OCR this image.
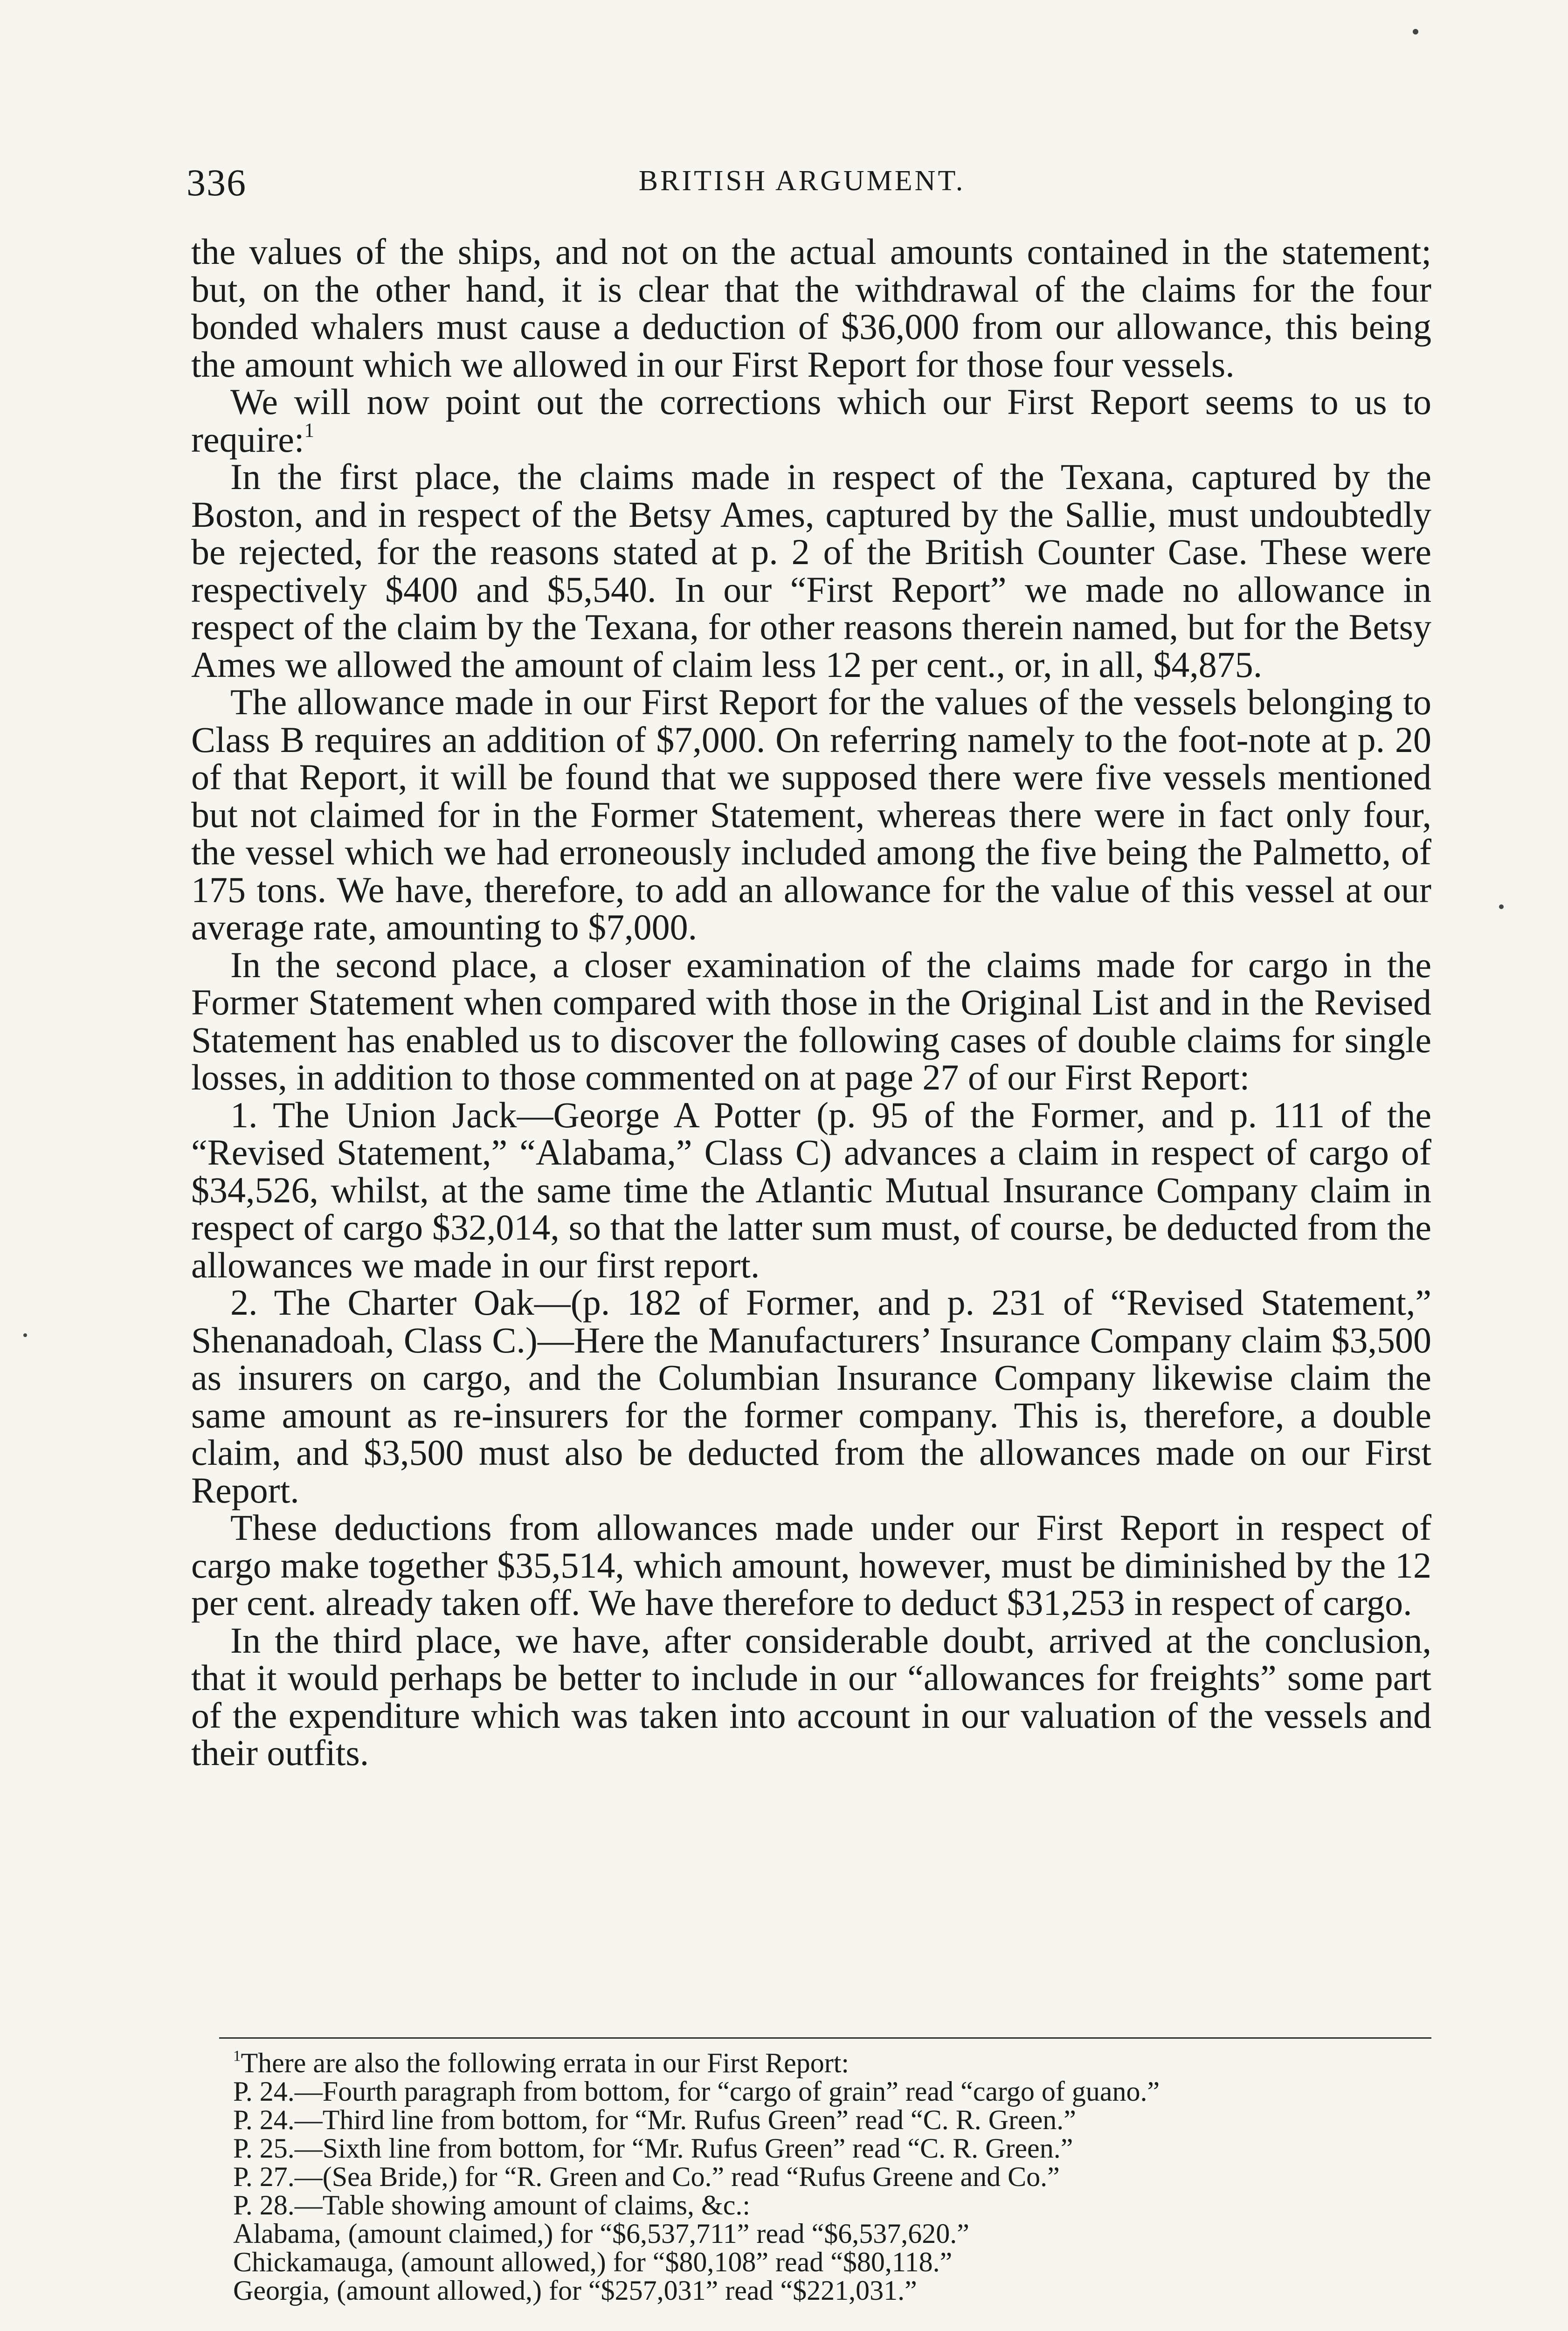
336	BRITISH ARGUMENT.

the values of the ships, and not on the actual amounts contained in the statement; but, on the other hand, it is clear that the withdrawal of the claims for the four bonded whalers must cause a deduction of $36,000 from our allowance, this being the amount which we allowed in our First Report for those four vessels.

We will now point out the corrections which our First Report seems to us to require:$^1$

In the first place, the claims made in respect of the Texana, captured by the Boston, and in respect of the Betsy Ames, captured by the Sallie, must undoubtedly be rejected, for the reasons stated at p. 2 of the British Counter Case. These were respectively $400 and $5,540. In our “First Report” we made no allowance in respect of the claim by the Texana, for other reasons therein named, but for the Betsy Ames we allowed the amount of claim less 12 per cent., or, in all, $4,875.

The allowance made in our First Report for the values of the vessels belonging to Class B requires an addition of $7,000. On referring namely to the foot-note at p. 20 of that Report, it will be found that we supposed there were five vessels mentioned but not claimed for in the Former Statement, whereas there were in fact only four, the vessel which we had erroneously included among the five being the Palmetto, of 175 tons. We have, therefore, to add an allowance for the value of this vessel at our average rate, amounting to $7,000.

In the second place, a closer examination of the claims made for cargo in the Former Statement when compared with those in the Original List and in the Revised Statement has enabled us to discover the following cases of double claims for single losses, in addition to those commented on at page 27 of our First Report:

1. The Union Jack—George A Potter (p. 95 of the Former, and p. 111 of the “Revised Statement,” “Alabama,” Class C) advances a claim in respect of cargo of $34,526, whilst, at the same time the Atlantic Mutual Insurance Company claim in respect of cargo $32,014, so that the latter sum must, of course, be deducted from the allowances we made in our first report.

2. The Charter Oak—(p. 182 of Former, and p. 231 of “Revised Statement,” Shenanadoah, Class C.)—Here the Manufacturers’ Insurance Company claim $3,500 as insurers on cargo, and the Columbian Insurance Company likewise claim the same amount as re-insurers for the former company. This is, therefore, a double claim, and $3,500 must also be deducted from the allowances made on our First Report.

These deductions from allowances made under our First Report in respect of cargo make together $35,514, which amount, however, must be diminished by the 12 per cent. already taken off. We have therefore to deduct $31,253 in respect of cargo.

In the third place, we have, after considerable doubt, arrived at the conclusion, that it would perhaps be better to include in our “allowances for freights” some part of the expenditure which was taken into account in our valuation of the vessels and their outfits.

$^1$There are also the following errata in our First Report:
P. 24.—Fourth paragraph from bottom, for “cargo of grain” read “cargo of guano.”
P. 24.—Third line from bottom, for “Mr. Rufus Green” read “C. R. Green.”
P. 25.—Sixth line from bottom, for “Mr. Rufus Green” read “C. R. Green.”
P. 27.—(Sea Bride,) for “R. Green and Co.” read “Rufus Greene and Co.”
P. 28.—Table showing amount of claims, &c.:
Alabama, (amount claimed,) for “$6,537,711” read “$6,537,620.”
Chickamauga, (amount allowed,) for “$80,108” read “$80,118.”
Georgia, (amount allowed,) for “$257,031” read “$221,031.”
